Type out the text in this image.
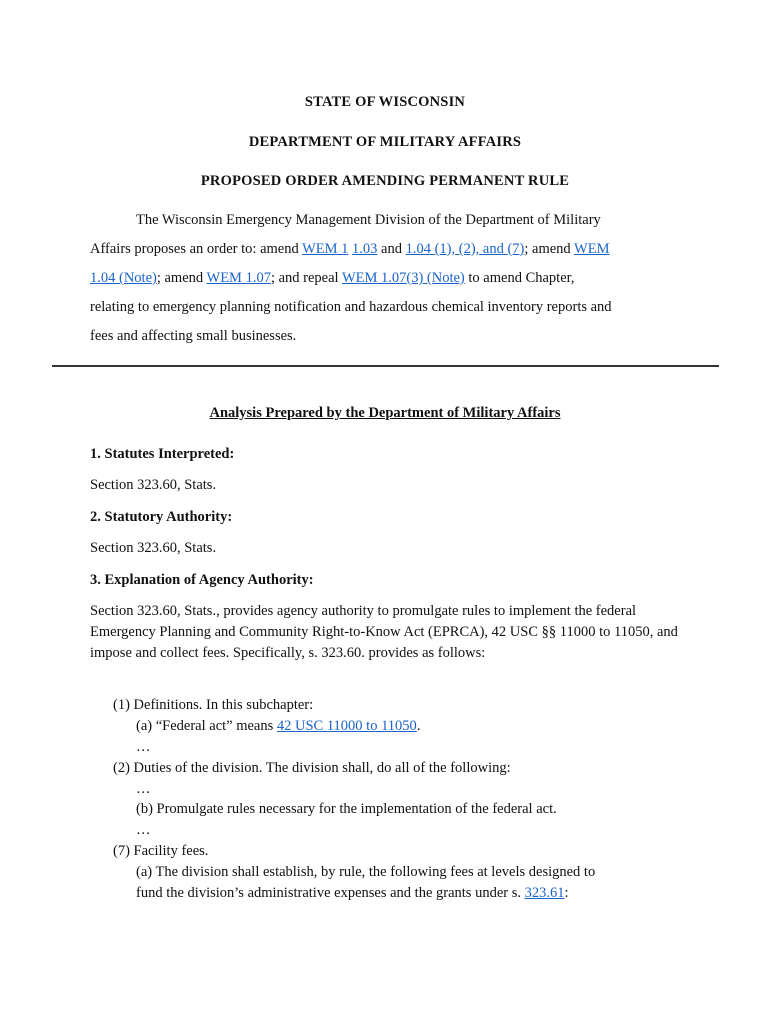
STATE OF WISCONSIN
DEPARTMENT OF MILITARY AFFAIRS
PROPOSED ORDER AMENDING PERMANENT RULE
The Wisconsin Emergency Management Division of the Department of Military
Affairs proposes an order to: amend WEM 1 1.03 and 1.04 (1), (2), and (7); amend WEM
1.04 (Note); amend WEM 1.07; and repeal WEM 1.07(3) (Note) to amend Chapter,
relating to emergency planning notification and hazardous chemical inventory reports and
fees and affecting small businesses.
Analysis Prepared by the Department of Military Affairs
1. Statutes Interpreted:
Section 323.60, Stats.
2. Statutory Authority:
Section 323.60, Stats.
3. Explanation of Agency Authority:
Section 323.60, Stats., provides agency authority to promulgate rules to implement the federal Emergency Planning and Community Right-to-Know Act (EPRCA), 42 USC §§ 11000 to 11050, and impose and collect fees. Specifically, s. 323.60. provides as follows:
(1) Definitions. In this subchapter:
(a) “Federal act” means 42 USC 11000 to 11050.
…
(2) Duties of the division. The division shall, do all of the following:
…
(b) Promulgate rules necessary for the implementation of the federal act.
…
(7) Facility fees.
(a) The division shall establish, by rule, the following fees at levels designed to
fund the division’s administrative expenses and the grants under s. 323.61:
